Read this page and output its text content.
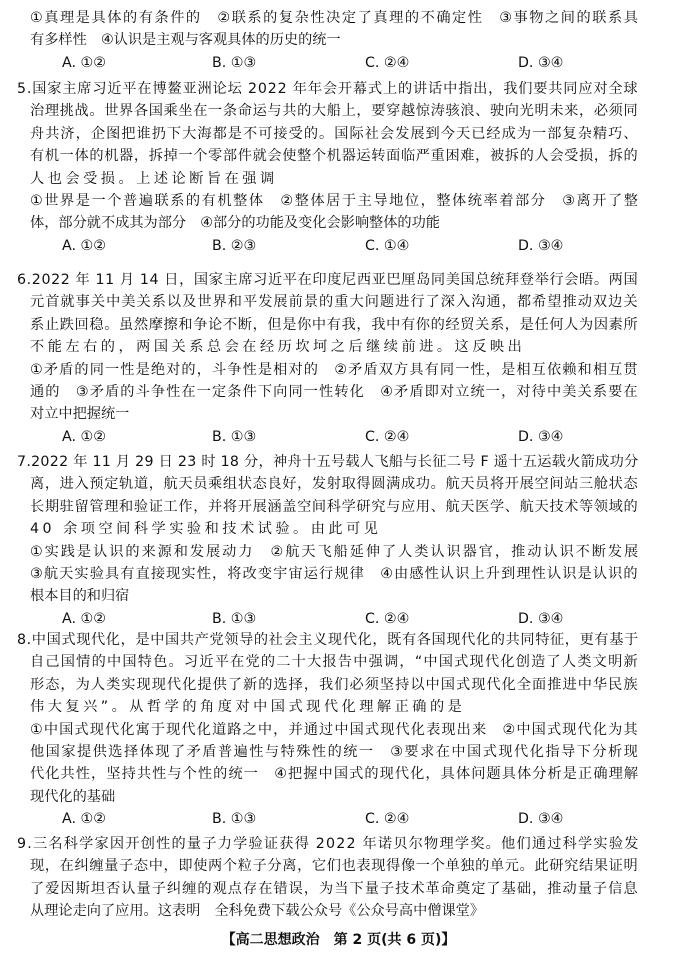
①真理是具体的有条件的　②联系的复杂性决定了真理的不确定性　③事物之间的联系具
有多样性　④认识是主观与客观具体的历史的统一
A. ①②	B. ①③	C. ②④	D. ③④
5.国家主席习近平在博鳌亚洲论坛 2022 年年会开幕式上的讲话中指出，我们要共同应对全球
治理挑战。世界各国乘坐在一条命运与共的大船上，要穿越惊涛骇浪、驶向光明未来，必须同
舟共济，企图把谁扔下大海都是不可接受的。国际社会发展到今天已经成为一部复杂精巧、
有机一体的机器，拆掉一个零部件就会使整个机器运转面临严重困难，被拆的人会受损，拆的
人也会受损。上述论断旨在强调
①世界是一个普遍联系的有机整体　②整体居于主导地位，整体统率着部分　③离开了整
体，部分就不成其为部分　④部分的功能及变化会影响整体的功能
A. ①②	B. ②③	C. ①④	D. ③④
6.2022 年 11 月 14 日，国家主席习近平在印度尼西亚巴厘岛同美国总统拜登举行会晤。两国
元首就事关中美关系以及世界和平发展前景的重大问题进行了深入沟通，都希望推动双边关
系止跌回稳。虽然摩擦和争论不断，但是你中有我，我中有你的经贸关系，是任何人为因素所
不能左右的，两国关系总会在经历坎坷之后继续前进。这反映出
①矛盾的同一性是绝对的，斗争性是相对的　②矛盾双方具有同一性，是相互依赖和相互贯
通的　③矛盾的斗争性在一定条件下向同一性转化　④矛盾即对立统一，对待中美关系要在
对立中把握统一
A. ①②	B. ①③	C. ②④	D. ③④
7.2022 年 11 月 29 日 23 时 18 分，神舟十五号载人飞船与长征二号 F 遥十五运载火箭成功分
离，进入预定轨道，航天员乘组状态良好，发射取得圆满成功。航天员将开展空间站三舱状态
长期驻留管理和验证工作，并将开展涵盖空间科学研究与应用、航天医学、航天技术等领域的
40 余项空间科学实验和技术试验。由此可见
①实践是认识的来源和发展动力　②航天飞船延伸了人类认识器官，推动认识不断发展
③航天实验具有直接现实性，将改变宇宙运行规律　④由感性认识上升到理性认识是认识的
根本目的和归宿
A. ①②	B. ①③	C. ②④	D. ③④
8.中国式现代化，是中国共产党领导的社会主义现代化，既有各国现代化的共同特征，更有基于
自己国情的中国特色。习近平在党的二十大报告中强调，“中国式现代化创造了人类文明新
形态，为人类实现现代化提供了新的选择，我们必须坚持以中国式现代化全面推进中华民族
伟大复兴”。从哲学的角度对中国式现代化理解正确的是
①中国式现代化寓于现代化道路之中，并通过中国式现代化表现出来　②中国式现代化为其
他国家提供选择体现了矛盾普遍性与特殊性的统一　③要求在中国式现代化指导下分析现
代化共性，坚持共性与个性的统一　④把握中国式的现代化，具体问题具体分析是正确理解
现代化的基础
A. ①②	B. ①③	C. ②④	D. ③④
9.三名科学家因开创性的量子力学验证获得 2022 年诺贝尔物理学奖。他们通过科学实验发
现，在纠缠量子态中，即使两个粒子分离，它们也表现得像一个单独的单元。此研究结果证明
了爱因斯坦否认量子纠缠的观点存在错误，为当下量子技术革命奠定了基础，推动量子信息
从理论走向了应用。这表明　全科免费下载公众号《公众号高中僧课堂》
【高二思想政治　第 2 页(共 6 页)】
